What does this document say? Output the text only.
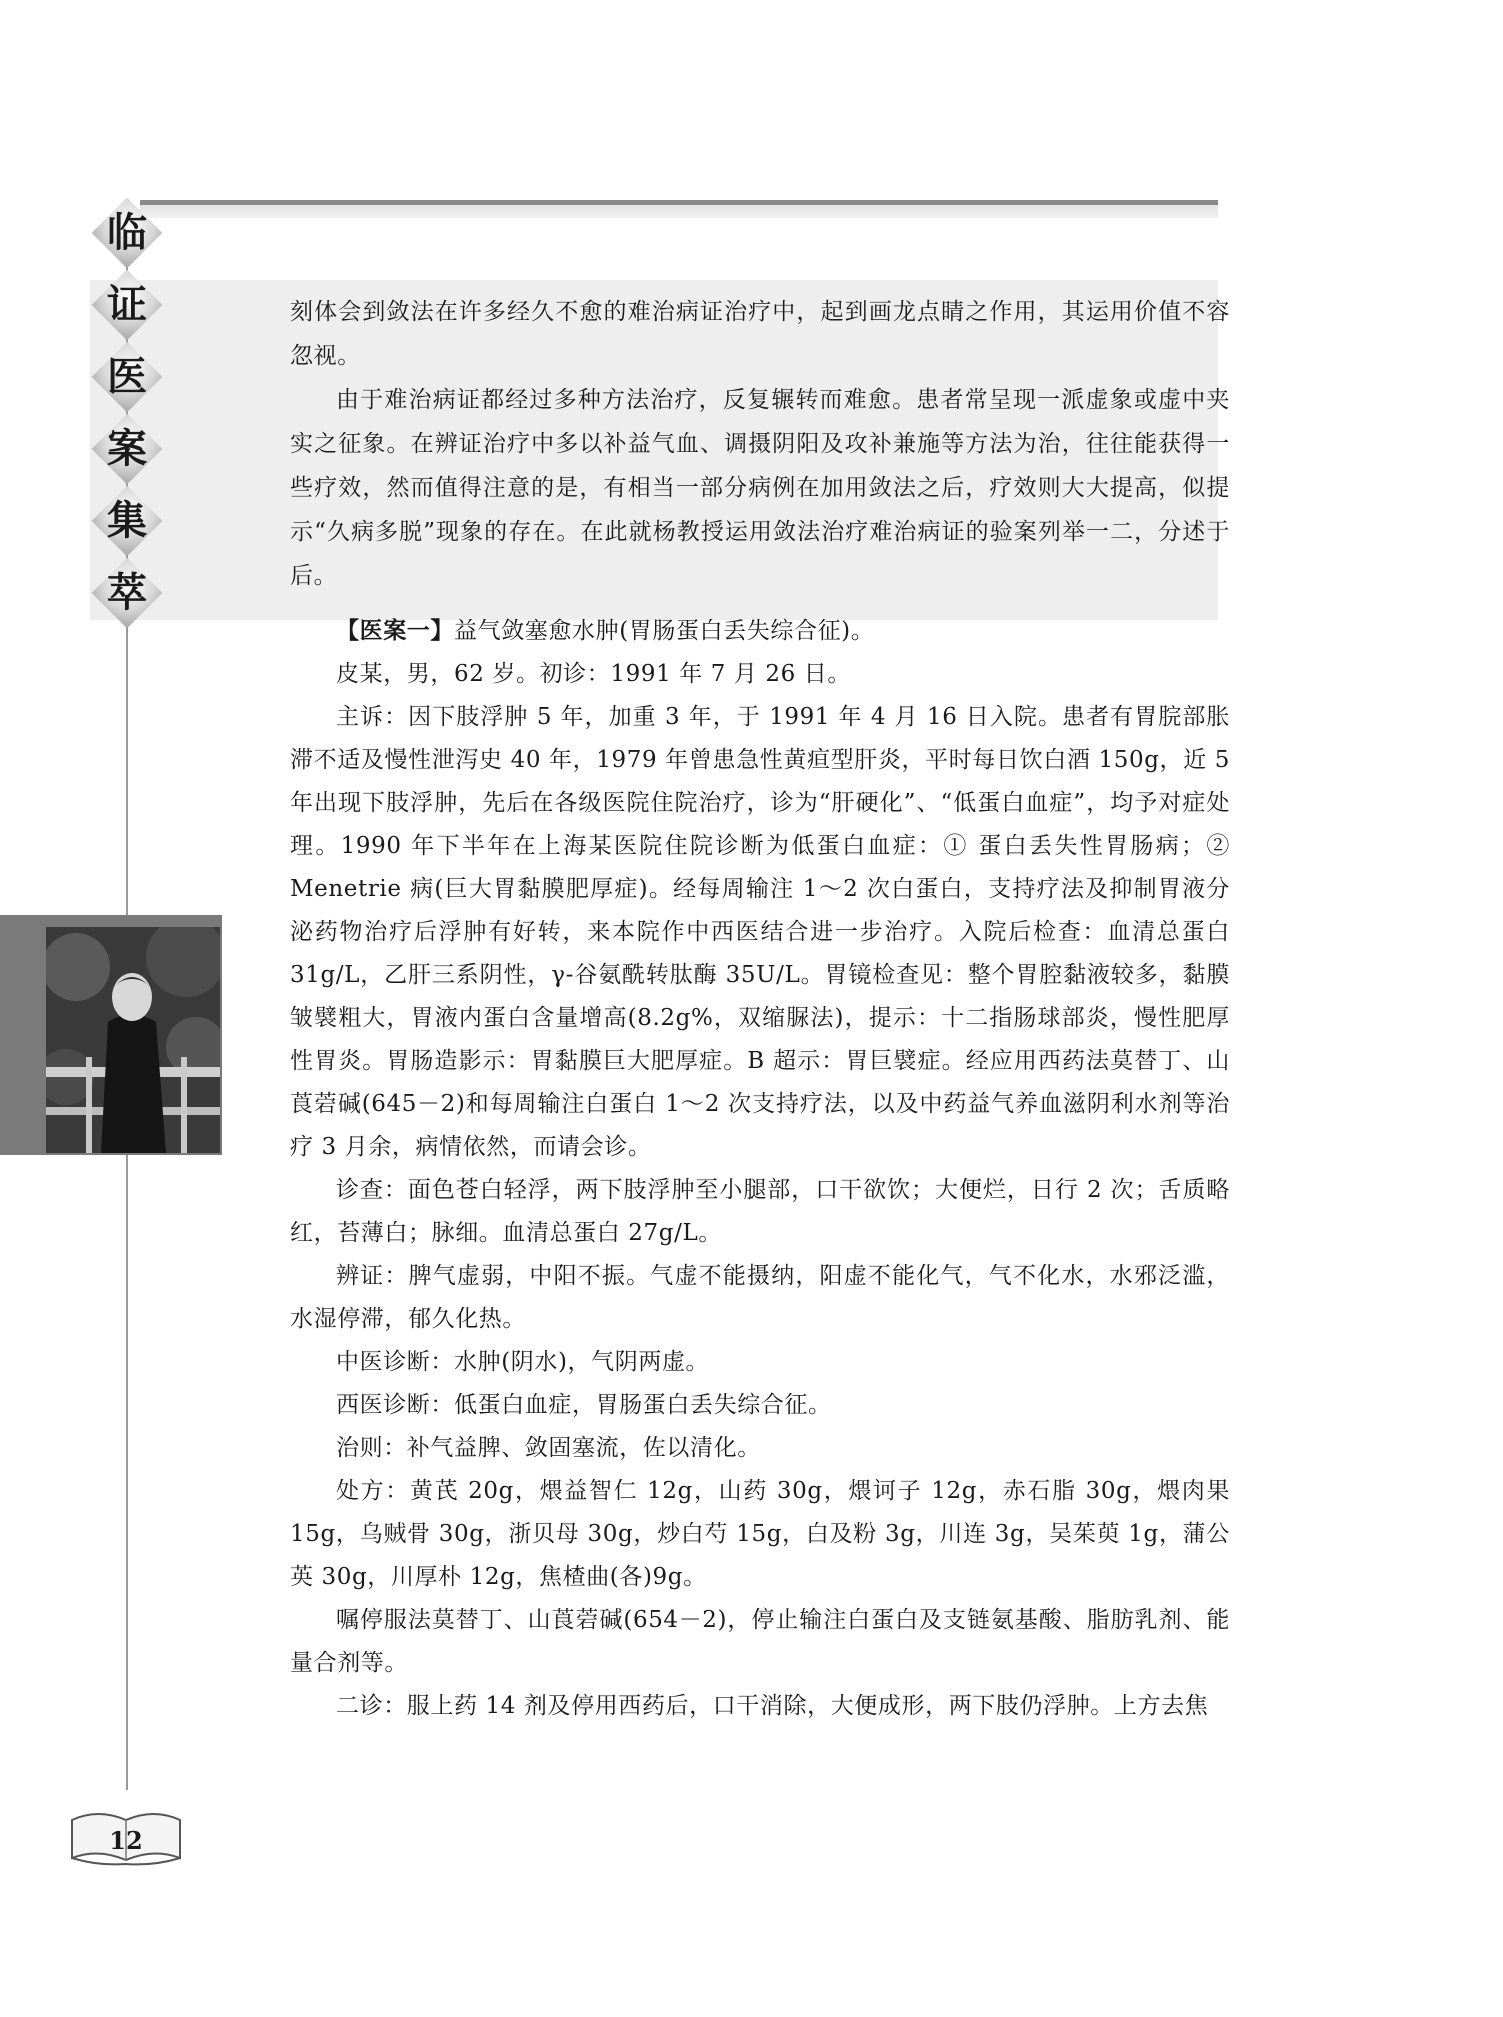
临
证
医
案
集
萃

刻体会到敛法在许多经久不愈的难治病证治疗中，起到画龙点睛之作用，其运用价值不容忽视。

由于难治病证都经过多种方法治疗，反复辗转而难愈。患者常呈现一派虚象或虚中夹实之征象。在辨证治疗中多以补益气血、调摄阴阳及攻补兼施等方法为治，往往能获得一些疗效，然而值得注意的是，有相当一部分病例在加用敛法之后，疗效则大大提高，似提示“久病多脱”现象的存在。在此就杨教授运用敛法治疗难治病证的验案列举一二，分述于后。

【医案一】益气敛塞愈水肿(胃肠蛋白丢失综合征)。

皮某，男，62 岁。初诊：1991 年 7 月 26 日。

主诉：因下肢浮肿 5 年，加重 3 年，于 1991 年 4 月 16 日入院。患者有胃脘部胀滞不适及慢性泄泻史 40 年，1979 年曾患急性黄疸型肝炎，平时每日饮白酒 150g，近 5 年出现下肢浮肿，先后在各级医院住院治疗，诊为“肝硬化”、“低蛋白血症”，均予对症处理。1990 年下半年在上海某医院住院诊断为低蛋白血症：① 蛋白丢失性胃肠病；② Menetrie 病(巨大胃黏膜肥厚症)。经每周输注 1～2 次白蛋白，支持疗法及抑制胃液分泌药物治疗后浮肿有好转，来本院作中西医结合进一步治疗。入院后检查：血清总蛋白 31g/L，乙肝三系阴性，γ-谷氨酰转肽酶 35U/L。胃镜检查见：整个胃腔黏液较多，黏膜皱襞粗大，胃液内蛋白含量增高(8.2g%，双缩脲法)，提示：十二指肠球部炎，慢性肥厚性胃炎。胃肠造影示：胃黏膜巨大肥厚症。B 超示：胃巨襞症。经应用西药法莫替丁、山莨菪碱(645－2)和每周输注白蛋白 1～2 次支持疗法，以及中药益气养血滋阴利水剂等治疗 3 月余，病情依然，而请会诊。

诊查：面色苍白轻浮，两下肢浮肿至小腿部，口干欲饮；大便烂，日行 2 次；舌质略红，苔薄白；脉细。血清总蛋白 27g/L。

辨证：脾气虚弱，中阳不振。气虚不能摄纳，阳虚不能化气，气不化水，水邪泛滥，水湿停滞，郁久化热。

中医诊断：水肿(阴水)，气阴两虚。

西医诊断：低蛋白血症，胃肠蛋白丢失综合征。

治则：补气益脾、敛固塞流，佐以清化。

处方：黄芪 20g，煨益智仁 12g，山药 30g，煨诃子 12g，赤石脂 30g，煨肉果 15g，乌贼骨 30g，浙贝母 30g，炒白芍 15g，白及粉 3g，川连 3g，吴茱萸 1g，蒲公英 30g，川厚朴 12g，焦楂曲(各)9g。

嘱停服法莫替丁、山莨菪碱(654－2)，停止输注白蛋白及支链氨基酸、脂肪乳剂、能量合剂等。

二诊：服上药 14 剂及停用西药后，口干消除，大便成形，两下肢仍浮肿。上方去焦

12
